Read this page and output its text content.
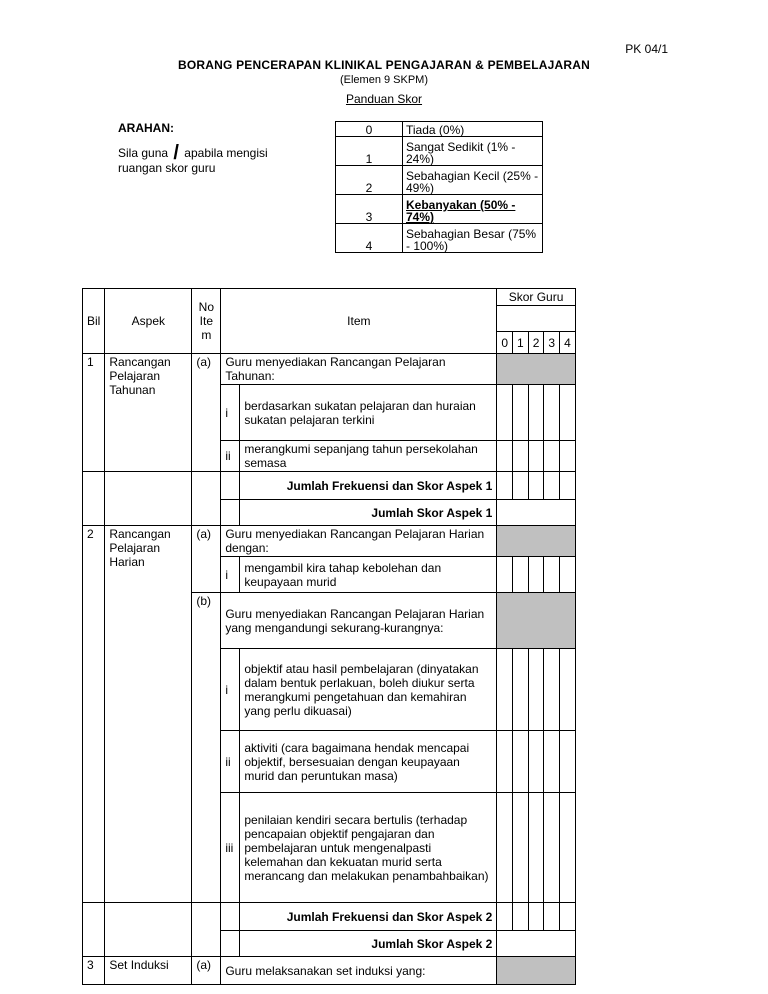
PK 04/1
BORANG PENCERAPAN KLINIKAL PENGAJARAN & PEMBELAJARAN
(Elemen 9 SKPM)
Panduan Skor
ARAHAN:
Sila guna / apabila mengisi ruangan skor guru
0	Tiada (0%)
1	Sangat Sedikit (1% - 24%)
2	Sebahagian Kecil (25% - 49%)
3	Kebanyakan (50% - 74%)
4	Sebahagian Besar (75% - 100%)
Bil	Aspek	No Ite m	Item		Skor Guru				

					0	1	2	3	4
1	Rancangan Pelajaran Tahunan	(a)	Guru menyediakan Rancangan Pelajaran Tahunan:						
			i	berdasarkan sukatan pelajaran dan huraian sukatan pelajaran terkini					
			ii	merangkumi sepanjang tahun persekolahan semasa					
				Jumlah Frekuensi dan Skor Aspek 1					
				Jumlah Skor Aspek 1					
2	Rancangan Pelajaran Harian	(a)	Guru menyediakan Rancangan Pelajaran Harian dengan:						
			i	mengambil kira tahap kebolehan dan keupayaan murid					
		(b)	Guru menyediakan Rancangan Pelajaran Harian yang mengandungi sekurang-kurangnya:						
			i	objektif atau hasil pembelajaran (dinyatakan dalam bentuk perlakuan, boleh diukur serta merangkumi pengetahuan dan kemahiran yang perlu dikuasai)					
			ii	aktiviti (cara bagaimana hendak mencapai objektif, bersesuaian dengan keupayaan murid dan peruntukan masa)					
			iii	penilaian kendiri secara bertulis (terhadap pencapaian objektif pengajaran dan pembelajaran untuk mengenalpasti kelemahan dan kekuatan murid serta merancang dan melakukan penambahbaikan)					
				Jumlah Frekuensi dan Skor Aspek 2					
				Jumlah Skor Aspek 2					
3	Set Induksi	(a)	Guru melaksanakan set induksi yang:						
